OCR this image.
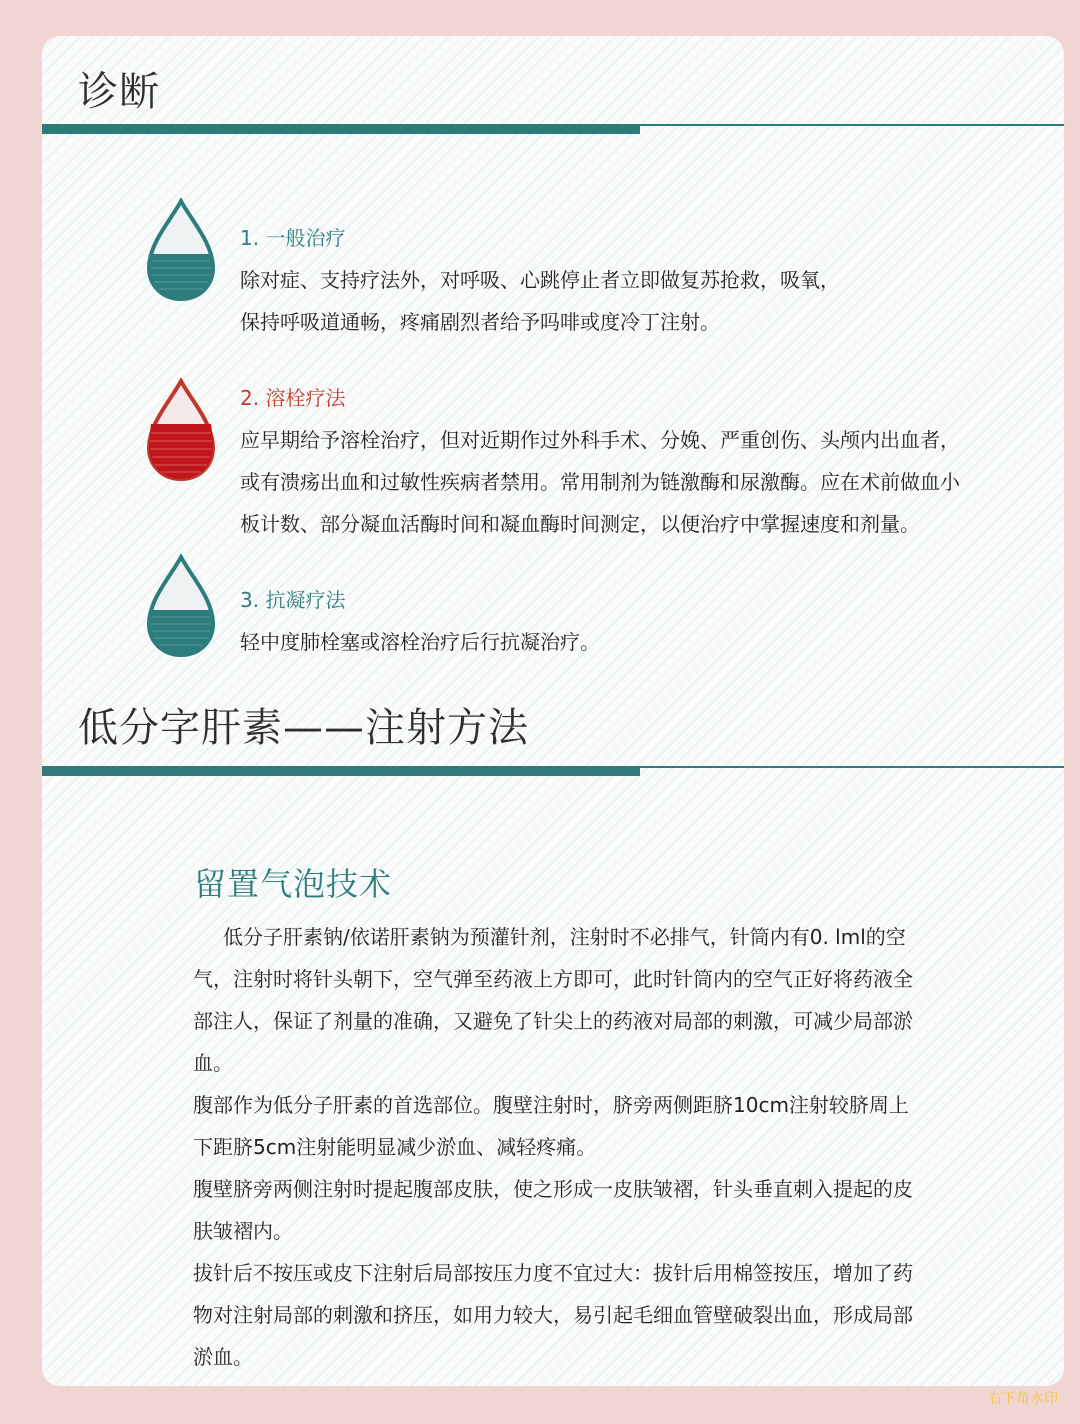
诊断
1. 一般治疗
除对症、支持疗法外，对呼吸、心跳停止者立即做复苏抢救，吸氧，保持呼吸道通畅，疼痛剧烈者给予吗啡或度冷丁注射。
2. 溶栓疗法
应早期给予溶栓治疗，但对近期作过外科手术、分娩、严重创伤、头颅内出血者，或有溃疡出血和过敏性疾病者禁用。常用制剂为链激酶和尿激酶。应在术前做血小板计数、部分凝血活酶时间和凝血酶时间测定，以便治疗中掌握速度和剂量。
3. 抗凝疗法
轻中度肺栓塞或溶栓治疗后行抗凝治疗。
低分字肝素——注射方法
留置气泡技术

低分子肝素钠/依诺肝素钠为预灌针剂，注射时不必排气，针筒内有0. lml的空气，注射时将针头朝下，空气弹至药液上方即可，此时针筒内的空气正好将药液全部注人，保证了剂量的准确，又避免了针尖上的药液对局部的刺激，可减少局部淤血。

腹部作为低分子肝素的首选部位。腹壁注射时，脐旁两侧距脐10cm注射较脐周上下距脐5cm注射能明显减少淤血、减轻疼痛。

腹壁脐旁两侧注射时提起腹部皮肤，使之形成一皮肤皱褶，针头垂直刺入提起的皮肤皱褶内。

拔针后不按压或皮下注射后局部按压力度不宜过大：拔针后用棉签按压，增加了药物对注射局部的刺激和挤压，如用力较大，易引起毛细血管壁破裂出血，形成局部淤血。

右下角水印
